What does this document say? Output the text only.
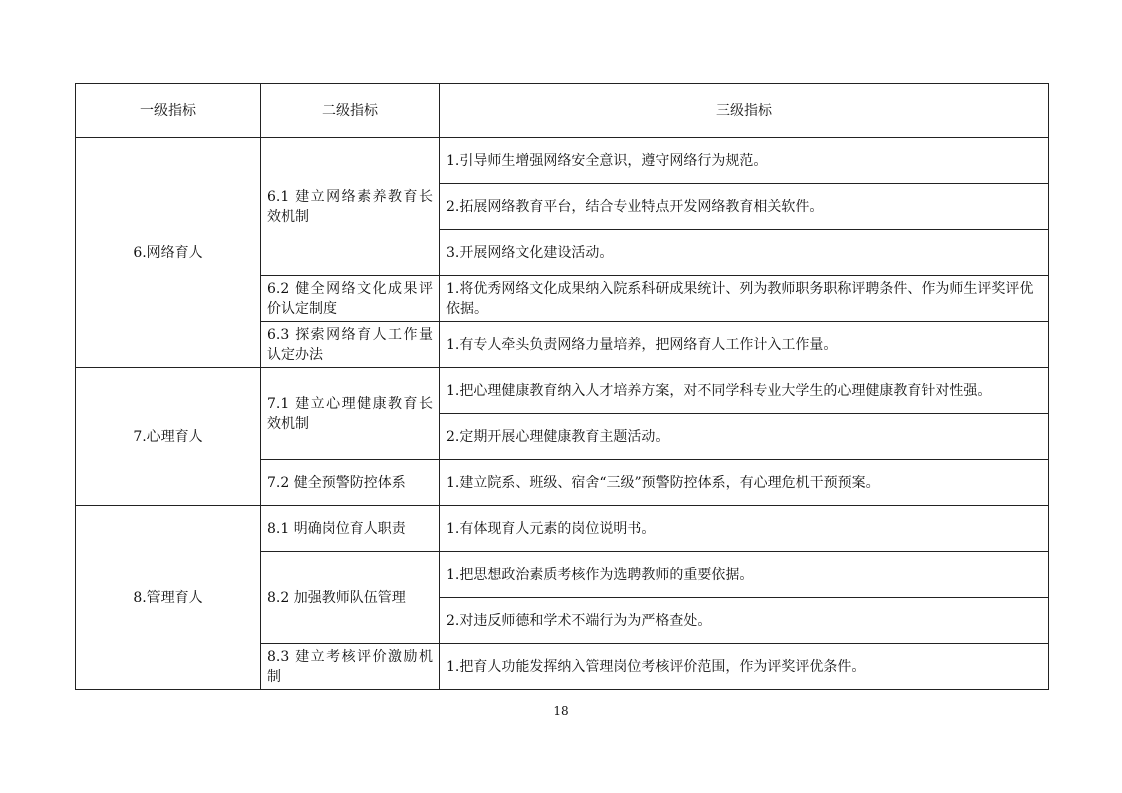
一级指标	二级指标	三级指标
6.网络育人	6.1 建立网络素养教育长效机制	1.引导师生增强网络安全意识，遵守网络行为规范。
		2.拓展网络教育平台，结合专业特点开发网络教育相关软件。
		3.开展网络文化建设活动。
	6.2 健全网络文化成果评价认定制度	1.将优秀网络文化成果纳入院系科研成果统计、列为教师职务职称评聘条件、作为师生评奖评优依据。
	6.3 探索网络育人工作量认定办法	1.有专人牵头负责网络力量培养，把网络育人工作计入工作量。
7.心理育人	7.1 建立心理健康教育长效机制	1.把心理健康教育纳入人才培养方案，对不同学科专业大学生的心理健康教育针对性强。
		2.定期开展心理健康教育主题活动。
	7.2 健全预警防控体系	1.建立院系、班级、宿舍“三级”预警防控体系，有心理危机干预预案。
8.管理育人	8.1 明确岗位育人职责	1.有体现育人元素的岗位说明书。
	8.2 加强教师队伍管理	1.把思想政治素质考核作为选聘教师的重要依据。
		2.对违反师德和学术不端行为为严格查处。
	8.3 建立考核评价激励机制	1.把育人功能发挥纳入管理岗位考核评价范围，作为评奖评优条件。
18
